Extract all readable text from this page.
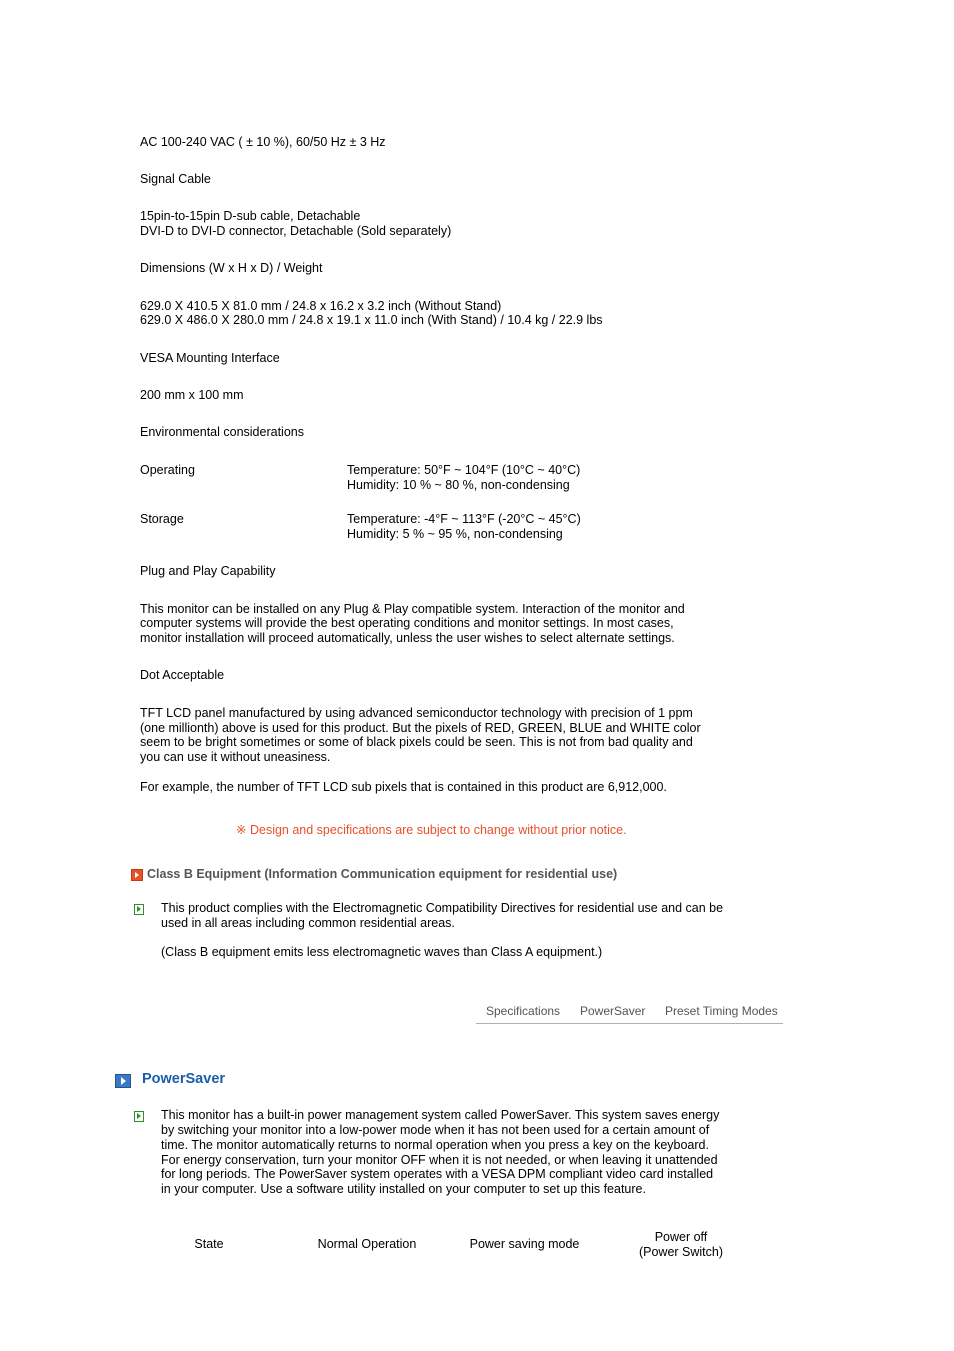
AC 100-240 VAC ( ± 10 %), 60/50 Hz ± 3 Hz
Signal Cable
15pin-to-15pin D-sub cable, Detachable
DVI-D to DVI-D connector, Detachable (Sold separately)
Dimensions (W x H x D) / Weight
629.0 X 410.5 X 81.0 mm / 24.8 x 16.2 x 3.2 inch (Without Stand)
629.0 X 486.0 X 280.0 mm / 24.8 x 19.1 x 11.0 inch (With Stand) / 10.4 kg / 22.9 lbs
VESA Mounting Interface
200 mm x 100 mm
Environmental considerations
Operating	Temperature: 50°F ~ 104°F (10°C ~ 40°C)
Humidity: 10 % ~ 80 %, non-condensing
Storage	Temperature: -4°F ~ 113°F (-20°C ~ 45°C)
Humidity: 5 % ~ 95 %, non-condensing
Plug and Play Capability
This monitor can be installed on any Plug & Play compatible system. Interaction of the monitor and
computer systems will provide the best operating conditions and monitor settings. In most cases,
monitor installation will proceed automatically, unless the user wishes to select alternate settings.
Dot Acceptable
TFT LCD panel manufactured by using advanced semiconductor technology with precision of 1 ppm
(one millionth) above is used for this product. But the pixels of RED, GREEN, BLUE and WHITE color
seem to be bright sometimes or some of black pixels could be seen. This is not from bad quality and
you can use it without uneasiness.
For example, the number of TFT LCD sub pixels that is contained in this product are 6,912,000.
※ Design and specifications are subject to change without prior notice.
Class B Equipment (Information Communication equipment for residential use)
This product complies with the Electromagnetic Compatibility Directives for residential use and can be
used in all areas including common residential areas.
(Class B equipment emits less electromagnetic waves than Class A equipment.)
Specifications PowerSaver Preset Timing Modes
PowerSaver
This monitor has a built-in power management system called PowerSaver. This system saves energy
by switching your monitor into a low-power mode when it has not been used for a certain amount of
time. The monitor automatically returns to normal operation when you press a key on the keyboard.
For energy conservation, turn your monitor OFF when it is not needed, or when leaving it unattended
for long periods. The PowerSaver system operates with a VESA DPM compliant video card installed
in your computer. Use a software utility installed on your computer to set up this feature.
State	Normal Operation	Power saving mode	Power off
(Power Switch)
